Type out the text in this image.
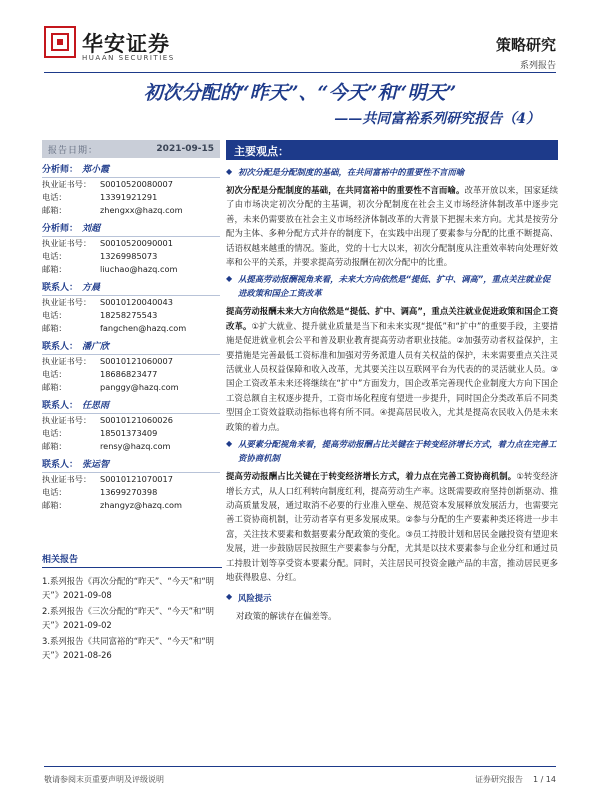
华安证券
HUAAN SECURITIES
策略研究
系列报告
初次分配的“昨天”、“今天”和“明天”
——共同富裕系列研究报告（4）
报告日期：	2021-09-15
分析师： 郑小霞
执业证书号：	S0010520080007
电话：	13391921291
邮箱：	zhengxx@hazq.com
分析师： 刘超
执业证书号：	S0010520090001
电话：	13269985073
邮箱：	liuchao@hazq.com
联系人： 方晨
执业证书号：	S0010120040043
电话：	18258275543
邮箱：	fangchen@hazq.com
联系人： 潘广欣
执业证书号：	S0010121060007
电话：	18686823477
邮箱：	panggy@hazq.com
联系人： 任思雨
执业证书号：	S0010121060026
电话：	18501373409
邮箱：	rensy@hazq.com
联系人： 张运智
执业证书号：	S0010121070017
电话：	13699270398
邮箱：	zhangyz@hazq.com
相关报告
1.系列报告《再次分配的“昨天”、“今天”和“明天”》2021-09-08
2.系列报告《三次分配的“昨天”、“今天”和“明天”》2021-09-02
3.系列报告《共同富裕的“昨天”、“今天”和“明天”》2021-08-26
主要观点：
◆ 初次分配是分配制度的基础，在共同富裕中的重要性不言而喻
初次分配是分配制度的基础，在共同富裕中的重要性不言而喻。改革开放以来，国家延续了由市场决定初次分配的主基调，初次分配制度在社会主义市场经济体制改革中逐步完善，未来仍需要放在社会主义市场经济体制改革的大背景下把握未来方向。尤其是按劳分配为主体、多种分配方式并存的制度下，在实践中出现了要素参与分配的比重不断提高、话语权越来越重的情况。鉴此，党的十七大以来，初次分配制度从注重效率转向处理好效率和公平的关系，并要求提高劳动报酬在初次分配中的比重。
◆ 从提高劳动报酬视角来看，未来大方向依然是“提低、扩中、调高”，重点关注就业促进政策和国企工资改革
提高劳动报酬未来大方向依然是“提低、扩中、调高”，重点关注就业促进政策和国企工资改革。①扩大就业、提升就业质量是当下和未来实现“提低”和“扩中”的重要手段，主要措施是促进就业机会公平和普及职业教育提高劳动者职业技能。②加强劳动者权益保护，主要措施是完善最低工资标准和加强对劳务派遣人员有关权益的保护，未来需要重点关注灵活就业人员权益保障和收入改革，尤其要关注以互联网平台为代表的的灵活就业人员。③国企工资改革未来还将继续在“扩中”方面发力，国企改革完善现代企业制度大方向下国企工资总额自主权逐步提升，工资市场化程度有望进一步提升，同时国企分类改革后不同类型国企工资效益联动指标也将有所不同。④提高居民收入，尤其是提高农民收入仍是未来政策的着力点。
◆ 从要素分配视角来看，提高劳动报酬占比关键在于转变经济增长方式，着力点在完善工资协商机制
提高劳动报酬占比关键在于转变经济增长方式，着力点在完善工资协商机制。①转变经济增长方式，从人口红利转向制度红利，提高劳动生产率。这既需要政府坚持创新驱动、推动高质量发展，通过取消不必要的行业准入壁垒、规范资本发展释放发展活力，也需要完善工资协商机制，让劳动者享有更多发展成果。②参与分配的生产要素种类还将进一步丰富，关注技术要素和数据要素分配政策的变化。③员工持股计划和居民金融投资有望迎来发展，进一步鼓励居民按照生产要素参与分配，尤其是以技术要素参与企业分红和通过员工持股计划等享受资本要素分配。同时，关注居民可投资金融产品的丰富，推动居民更多地获得股息、分红。
◆ 风险提示
对政策的解读存在偏差等。
敬请参阅末页重要声明及评级说明	证券研究报告 1 / 14
